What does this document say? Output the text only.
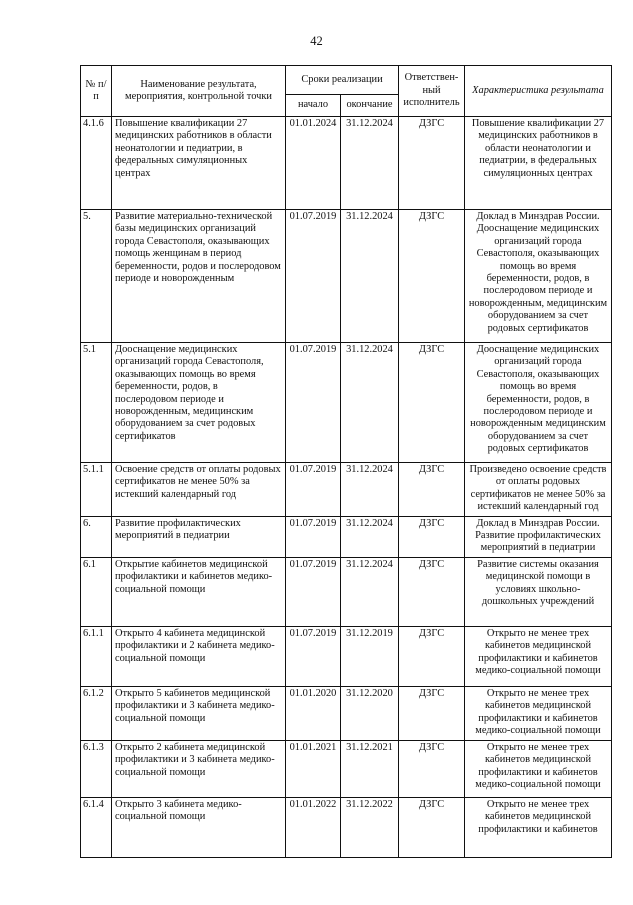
42
№ п/п	Наименование результата, мероприятия, контрольной точки	Сроки реализации		Ответствен-ный исполнитель	Характеристика результата
		начало	окончание		
4.1.6	Повышение квалификации 27 медицинских работников в области неонатологии и педиатрии, в федеральных симуляционных центрах	01.01.2024	31.12.2024	ДЗГС	Повышение квалификации 27 медицинских работников в области неонатологии и педиатрии, в федеральных симуляционных центрах
5.	Развитие материально-технической базы медицинских организаций города Севастополя, оказывающих помощь женщинам в период беременности, родов и послеродовом периоде и новорожденным	01.07.2019	31.12.2024	ДЗГС	Доклад в Минздрав России. Дооснащение медицинских организаций города Севастополя, оказывающих помощь во время беременности, родов, в послеродовом периоде и новорожденным, медицинским оборудованием за счет родовых сертификатов
5.1	Дооснащение медицинских организаций города Севастополя, оказывающих помощь во время беременности, родов, в послеродовом периоде и новорожденным, медицинским оборудованием за счет родовых сертификатов	01.07.2019	31.12.2024	ДЗГС	Дооснащение медицинских организаций города Севастополя, оказывающих помощь во время беременности, родов, в послеродовом периоде и новорожденным медицинским оборудованием за счет родовых сертификатов
5.1.1	Освоение средств от оплаты родовых сертификатов не менее 50% за истекший календарный год	01.07.2019	31.12.2024	ДЗГС	Произведено освоение средств от оплаты родовых сертификатов не менее 50% за истекший календарный год
6.	Развитие профилактических мероприятий в педиатрии	01.07.2019	31.12.2024	ДЗГС	Доклад в Минздрав России. Развитие профилактических мероприятий в педиатрии
6.1	Открытие кабинетов медицинской профилактики и кабинетов медико-социальной помощи	01.07.2019	31.12.2024	ДЗГС	Развитие системы оказания медицинской помощи в условиях школьно-дошкольных учреждений
6.1.1	Открыто 4 кабинета медицинской профилактики и 2 кабинета медико-социальной помощи	01.07.2019	31.12.2019	ДЗГС	Открыто не менее трех кабинетов медицинской профилактики и кабинетов медико-социальной помощи
6.1.2	Открыто 5 кабинетов медицинской профилактики и 3 кабинета медико-социальной помощи	01.01.2020	31.12.2020	ДЗГС	Открыто не менее трех кабинетов медицинской профилактики и кабинетов медико-социальной помощи
6.1.3	Открыто 2 кабинета медицинской профилактики и 3 кабинета медико-социальной помощи	01.01.2021	31.12.2021	ДЗГС	Открыто не менее трех кабинетов медицинской профилактики и кабинетов медико-социальной помощи
6.1.4	Открыто 3 кабинета медико-социальной помощи	01.01.2022	31.12.2022	ДЗГС	Открыто не менее трех кабинетов медицинской профилактики и кабинетов
